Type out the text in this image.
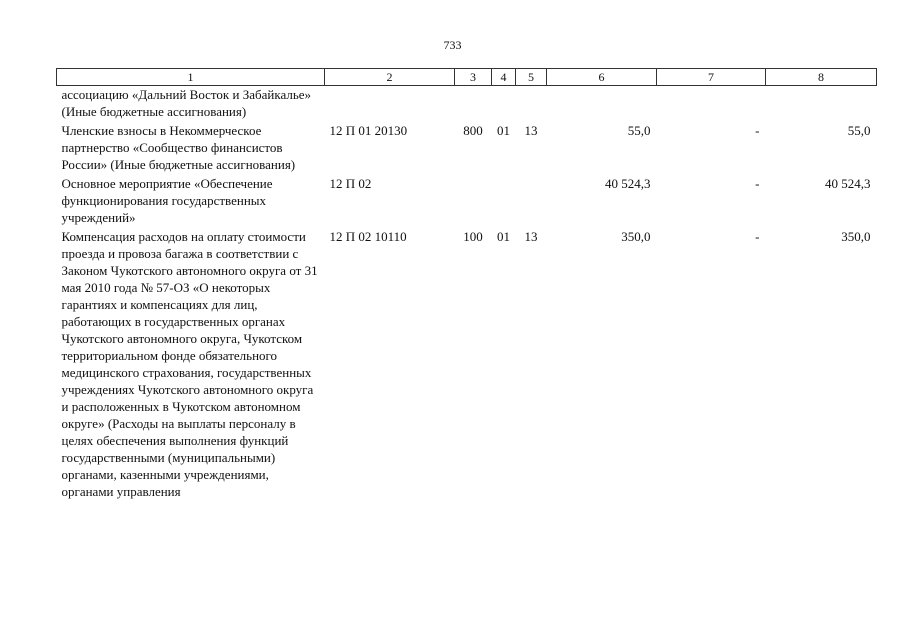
733
1	2	3	4	5	6	7	8
ассоциацию «Дальний Восток и Забайкалье» (Иные бюджетные ассигнования)							
Членские взносы в Некоммерческое партнерство «Сообщество финансистов России» (Иные бюджетные ассигнования)	12 П 01 20130	800	01	13	55,0	-	55,0
Основное мероприятие «Обеспечение функционирования государственных учреждений»	12 П 02				40 524,3	-	40 524,3
Компенсация расходов на оплату стоимости проезда и провоза багажа в соответствии с Законом Чукотского автономного округа от 31 мая 2010 года № 57-ОЗ «О некоторых гарантиях и компенсациях для лиц, работающих в государственных органах Чукотского автономного округа, Чукотском территориальном фонде обязательного медицинского страхования, государственных учреждениях Чукотского автономного округа и расположенных в Чукотском автономном округе» (Расходы на выплаты персоналу в целях обеспечения выполнения функций государственными (муниципальными) органами, казенными учреждениями, органами управления	12 П 02 10110	100	01	13	350,0	-	350,0
